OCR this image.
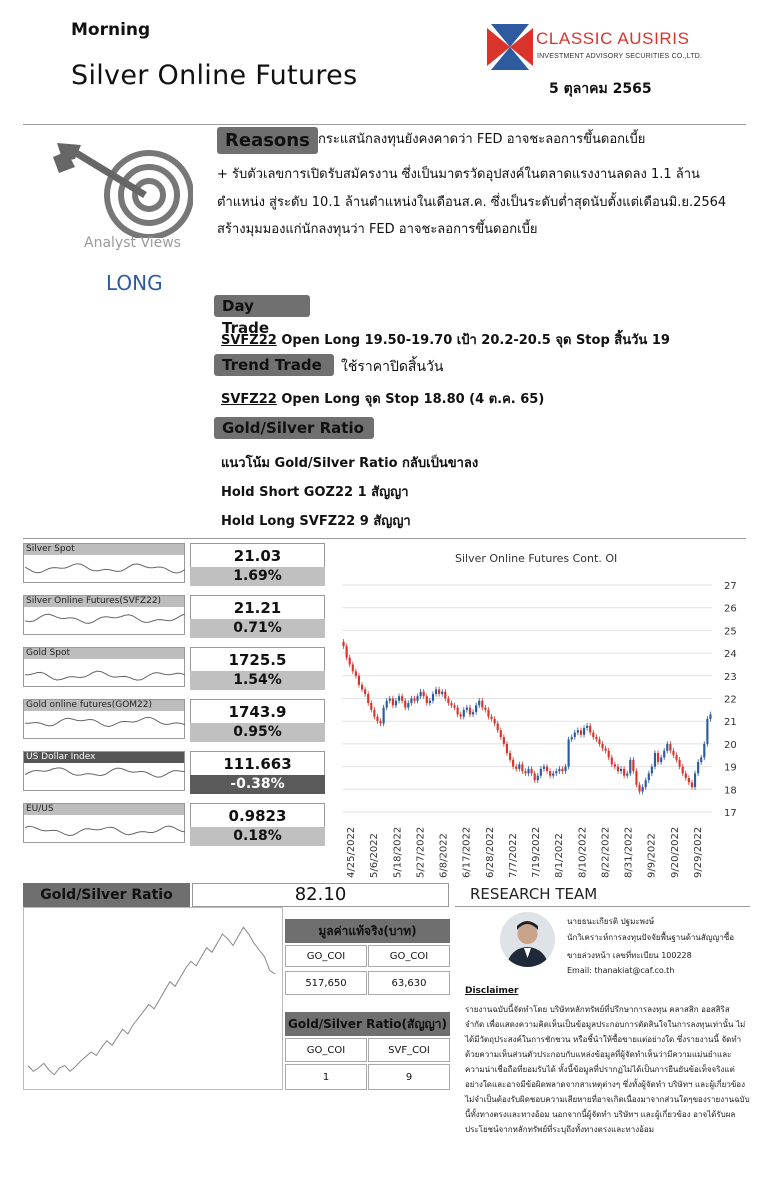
Morning
Silver Online Futures
CLASSIC AUSIRIS
INVESTMENT ADVISORY SECURITIES CO.,LTD.
5 ตุลาคม 2565
Analyst Views
LONG
Reasons กระแสนักลงทุนยังคงคาดว่า FED อาจชะลอการขึ้นดอกเบี้ย
+ รับตัวเลขการเปิดรับสมัครงาน ซึ่งเป็นมาตรวัดอุปสงค์ในตลาดแรงงานลดลง 1.1 ล้าน
ตำแหน่ง สู่ระดับ 10.1 ล้านตำแหน่งในเดือนส.ค. ซึ่งเป็นระดับต่ำสุดนับตั้งแต่เดือนมิ.ย.2564
สร้างมุมมองแก่นักลงทุนว่า FED อาจชะลอการขึ้นดอกเบี้ย
Day Trade
SVFZ22 Open Long 19.50-19.70 เป้า 20.2-20.5 จุด Stop สิ้นวัน 19
Trend Trade	ใช้ราคาปิดสิ้นวัน
SVFZ22 Open Long จุด Stop 18.80 (4 ต.ค. 65)
Gold/Silver Ratio
แนวโน้ม Gold/Silver Ratio กลับเป็นขาลง
Hold Short GOZ22 1 สัญญา
Hold Long SVFZ22 9 สัญญา
Silver Spot	21.03
1.69%
Silver Online Futures(SVFZ22)	21.21
0.71%
Gold Spot	1725.5
1.54%
Gold online futures(GOM22)	1743.9
0.95%
US Dollar Index	111.663
-0.38%
EU/US	0.9823
0.18%
Silver Online Futures Cont. OI
27
26
25
24
23
22
21
20
19
18
17
4/25/2022 5/6/2022 5/18/2022 5/27/2022 6/8/2022 6/17/2022 6/28/2022 7/7/2022 7/19/2022 8/1/2022 8/10/2022 8/22/2022 8/31/2022 9/9/2022 9/20/2022 9/29/2022
Gold/Silver Ratio	82.10
มูลค่าแท้จริง(บาท)
GO_COI	GO_COI
517,650	63,630
Gold/Silver Ratio(สัญญา)
GO_COI	SVF_COI
1	9
RESEARCH TEAM
นายธนะเกียรติ ปฐมะพงษ์
นักวิเคราะห์การลงทุนปัจจัยพื้นฐานด้านสัญญาซื้อ
ขายล่วงหน้า เลขที่ทะเบียน 100228
Email: thanakiat@caf.co.th
Disclaimer
รายงานฉบับนี้จัดทำโดย บริษัทหลักทรัพย์ที่ปรึกษาการลงทุน คลาสสิก ออสสิริส จำกัด เพื่อแสดงความคิดเห็นเป็นข้อมูลประกอบการตัดสินใจในการลงทุนเท่านั้น ไม่ได้มีวัตถุประสงค์ในการชักชวน หรือชี้นำให้ซื้อขายแต่อย่างใด ซึ่งรายงานนี้ จัดทำด้วยความเห็นส่วนตัวประกอบกับแหล่งข้อมูลที่ผู้จัดทำเห็นว่ามีความแม่นยำและความน่าเชื่อถือที่ยอมรับได้ ทั้งนี้ข้อมูลที่ปรากฏไม่ได้เป็นการยืนยันข้อเท็จจริงแต่อย่างใดและอาจมีข้อผิดพลาดจากสาเหตุต่างๆ ซึ่งทั้งผู้จัดทำ บริษัทฯ และผู้เกี่ยวข้องไม่จำเป็นต้องรับผิดชอบความเสียหายที่อาจเกิดเนื่องมาจากส่วนใดๆของรายงานฉบับนี้ทั้งทางตรงและทางอ้อม นอกจากนี้ผู้จัดทำ บริษัทฯ และผู้เกี่ยวข้อง อาจได้รับผลประโยชน์จากหลักทรัพย์ที่ระบุถึงทั้งทางตรงและทางอ้อม
